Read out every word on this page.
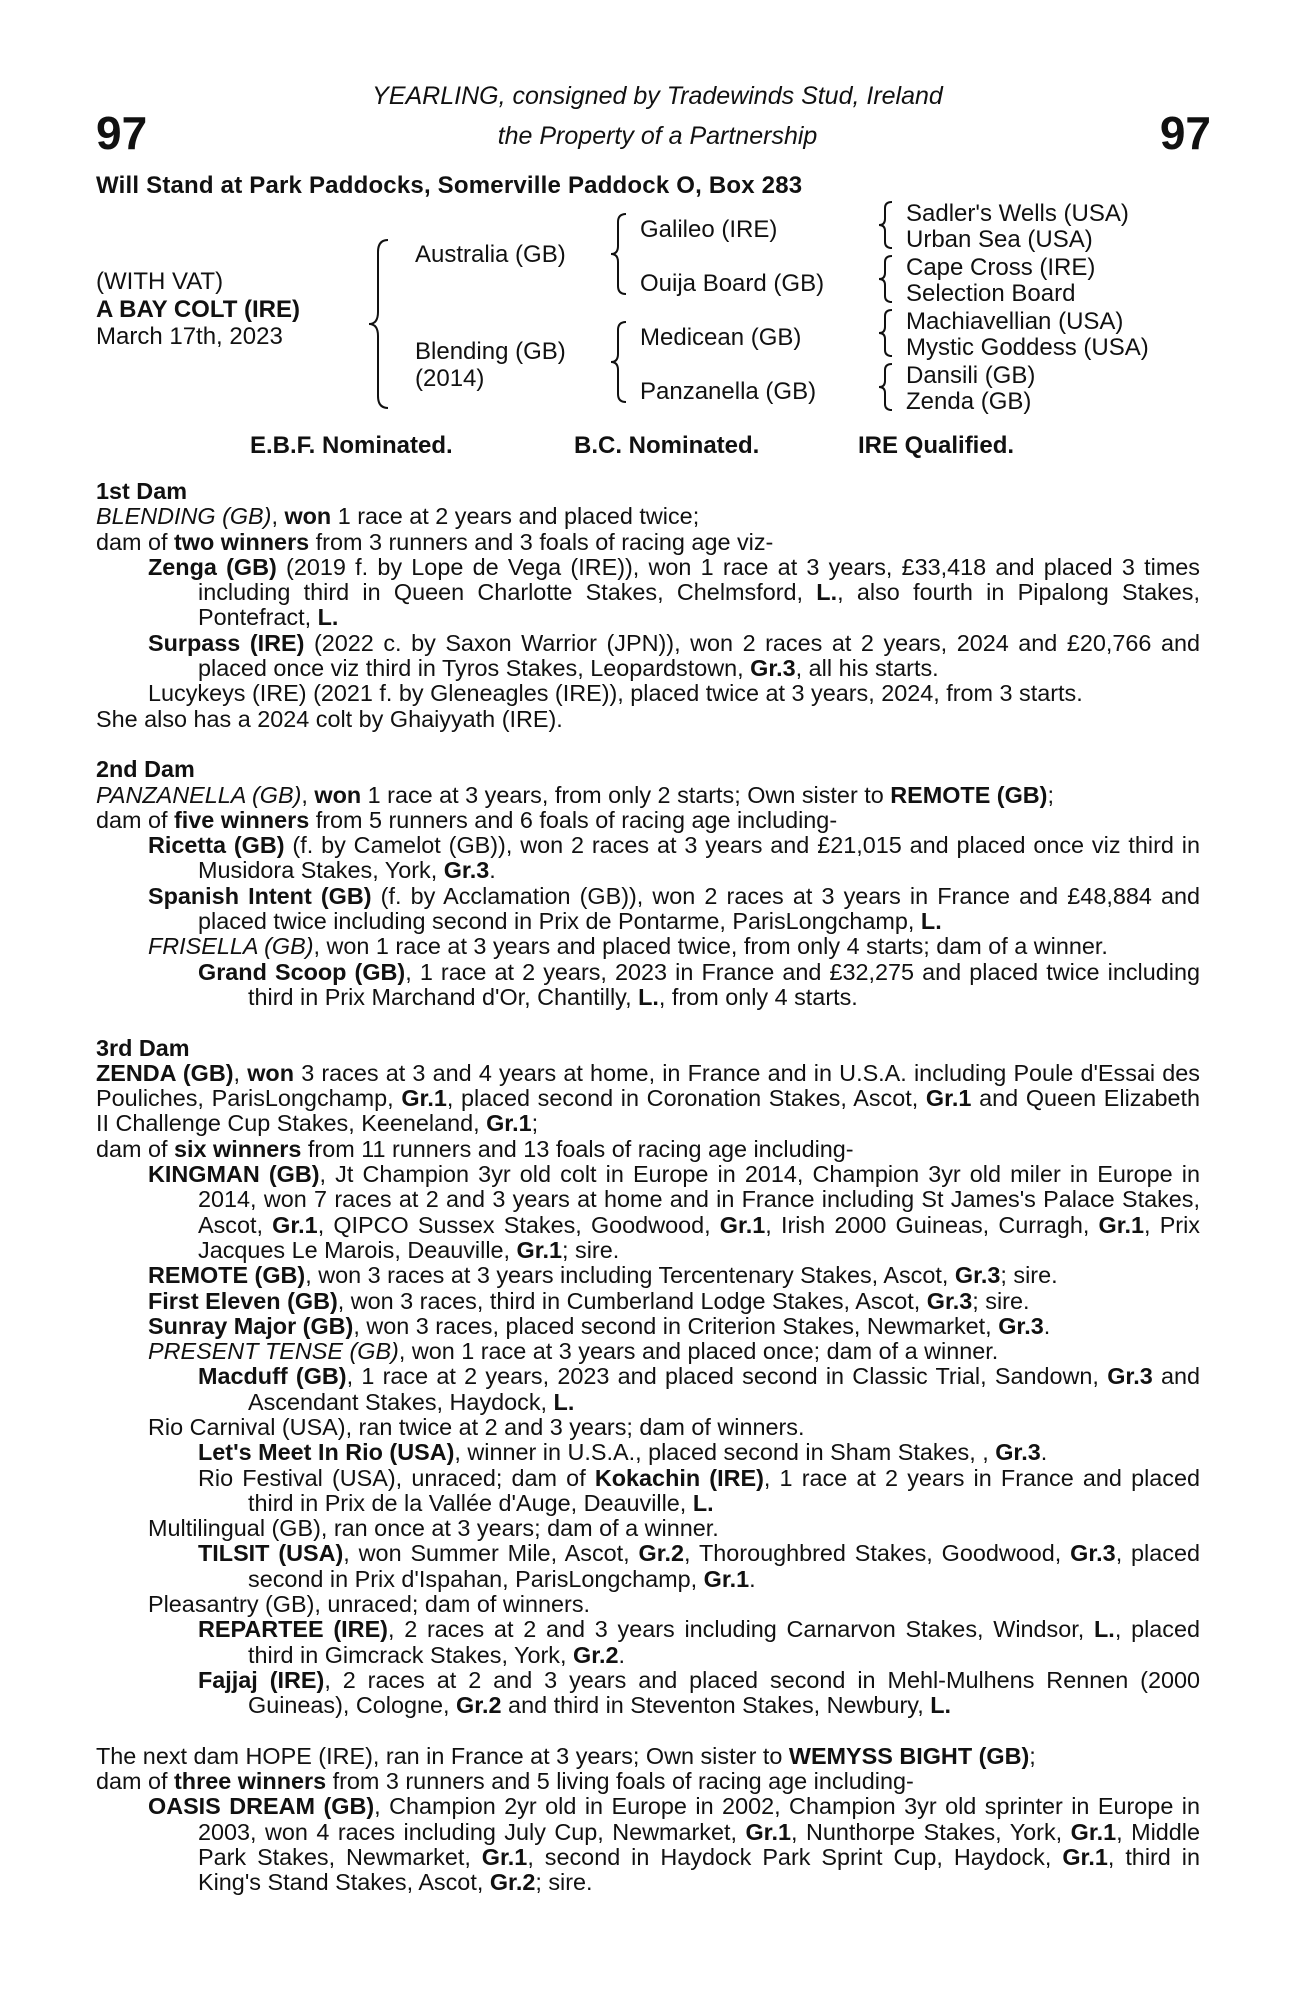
97	97
YEARLING, consigned by Tradewinds Stud, Ireland
the Property of a Partnership
Will Stand at Park Paddocks, Somerville Paddock O, Box 283
(WITH VAT)
A BAY COLT (IRE)
March 17th, 2023
Australia (GB)
Blending (GB)
(2014)
Galileo (IRE)
Ouija Board (GB)
Medicean (GB)
Panzanella (GB)
Sadler's Wells (USA)
Urban Sea (USA)
Cape Cross (IRE)
Selection Board
Machiavellian (USA)
Mystic Goddess (USA)
Dansili (GB)
Zenda (GB)
E.B.F. Nominated.	B.C. Nominated.	IRE Qualified.

1st Dam

BLENDING (GB), won 1 race at 2 years and placed twice;

dam of two winners from 3 runners and 3 foals of racing age viz-

Zenga (GB) (2019 f. by Lope de Vega (IRE)), won 1 race at 3 years, £33,418 and placed 3 times including third in Queen Charlotte Stakes, Chelmsford, L., also fourth in Pipalong Stakes, Pontefract, L.

Surpass (IRE) (2022 c. by Saxon Warrior (JPN)), won 2 races at 2 years, 2024 and £20,766 and placed once viz third in Tyros Stakes, Leopardstown, Gr.3, all his starts.

Lucykeys (IRE) (2021 f. by Gleneagles (IRE)), placed twice at 3 years, 2024, from 3 starts.

She also has a 2024 colt by Ghaiyyath (IRE).

2nd Dam

PANZANELLA (GB), won 1 race at 3 years, from only 2 starts; Own sister to REMOTE (GB);

dam of five winners from 5 runners and 6 foals of racing age including-

Ricetta (GB) (f. by Camelot (GB)), won 2 races at 3 years and £21,015 and placed once viz third in Musidora Stakes, York, Gr.3.

Spanish Intent (GB) (f. by Acclamation (GB)), won 2 races at 3 years in France and £48,884 and placed twice including second in Prix de Pontarme, ParisLongchamp, L.

FRISELLA (GB), won 1 race at 3 years and placed twice, from only 4 starts; dam of a winner.

Grand Scoop (GB), 1 race at 2 years, 2023 in France and £32,275 and placed twice including third in Prix Marchand d'Or, Chantilly, L., from only 4 starts.

3rd Dam

ZENDA (GB), won 3 races at 3 and 4 years at home, in France and in U.S.A. including Poule d'Essai des Pouliches, ParisLongchamp, Gr.1, placed second in Coronation Stakes, Ascot, Gr.1 and Queen Elizabeth II Challenge Cup Stakes, Keeneland, Gr.1;

dam of six winners from 11 runners and 13 foals of racing age including-

KINGMAN (GB), Jt Champion 3yr old colt in Europe in 2014, Champion 3yr old miler in Europe in 2014, won 7 races at 2 and 3 years at home and in France including St James's Palace Stakes, Ascot, Gr.1, QIPCO Sussex Stakes, Goodwood, Gr.1, Irish 2000 Guineas, Curragh, Gr.1, Prix Jacques Le Marois, Deauville, Gr.1; sire.

REMOTE (GB), won 3 races at 3 years including Tercentenary Stakes, Ascot, Gr.3; sire.

First Eleven (GB), won 3 races, third in Cumberland Lodge Stakes, Ascot, Gr.3; sire.

Sunray Major (GB), won 3 races, placed second in Criterion Stakes, Newmarket, Gr.3.

PRESENT TENSE (GB), won 1 race at 3 years and placed once; dam of a winner.

Macduff (GB), 1 race at 2 years, 2023 and placed second in Classic Trial, Sandown, Gr.3 and Ascendant Stakes, Haydock, L.

Rio Carnival (USA), ran twice at 2 and 3 years; dam of winners.

Let's Meet In Rio (USA), winner in U.S.A., placed second in Sham Stakes, , Gr.3.

Rio Festival (USA), unraced; dam of Kokachin (IRE), 1 race at 2 years in France and placed third in Prix de la Vallée d'Auge, Deauville, L.

Multilingual (GB), ran once at 3 years; dam of a winner.

TILSIT (USA), won Summer Mile, Ascot, Gr.2, Thoroughbred Stakes, Goodwood, Gr.3, placed second in Prix d'Ispahan, ParisLongchamp, Gr.1.

Pleasantry (GB), unraced; dam of winners.

REPARTEE (IRE), 2 races at 2 and 3 years including Carnarvon Stakes, Windsor, L., placed third in Gimcrack Stakes, York, Gr.2.

Fajjaj (IRE), 2 races at 2 and 3 years and placed second in Mehl-Mulhens Rennen (2000 Guineas), Cologne, Gr.2 and third in Steventon Stakes, Newbury, L.

The next dam HOPE (IRE), ran in France at 3 years; Own sister to WEMYSS BIGHT (GB);

dam of three winners from 3 runners and 5 living foals of racing age including-

OASIS DREAM (GB), Champion 2yr old in Europe in 2002, Champion 3yr old sprinter in Europe in 2003, won 4 races including July Cup, Newmarket, Gr.1, Nunthorpe Stakes, York, Gr.1, Middle Park Stakes, Newmarket, Gr.1, second in Haydock Park Sprint Cup, Haydock, Gr.1, third in King's Stand Stakes, Ascot, Gr.2; sire.
